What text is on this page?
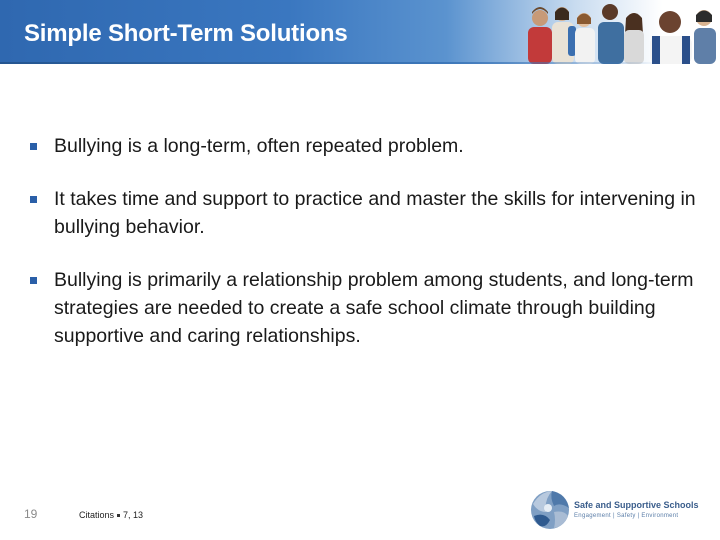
Simple Short-Term Solutions
Bullying is a long-term, often repeated problem.
It takes time and support to practice and master the skills for intervening in bullying behavior.
Bullying is primarily a relationship problem among students, and long-term strategies are needed to create a safe school climate through building supportive and caring relationships.
19	Citations 7, 13
Safe and Supportive Schools
Engagement | Safety | Environment
